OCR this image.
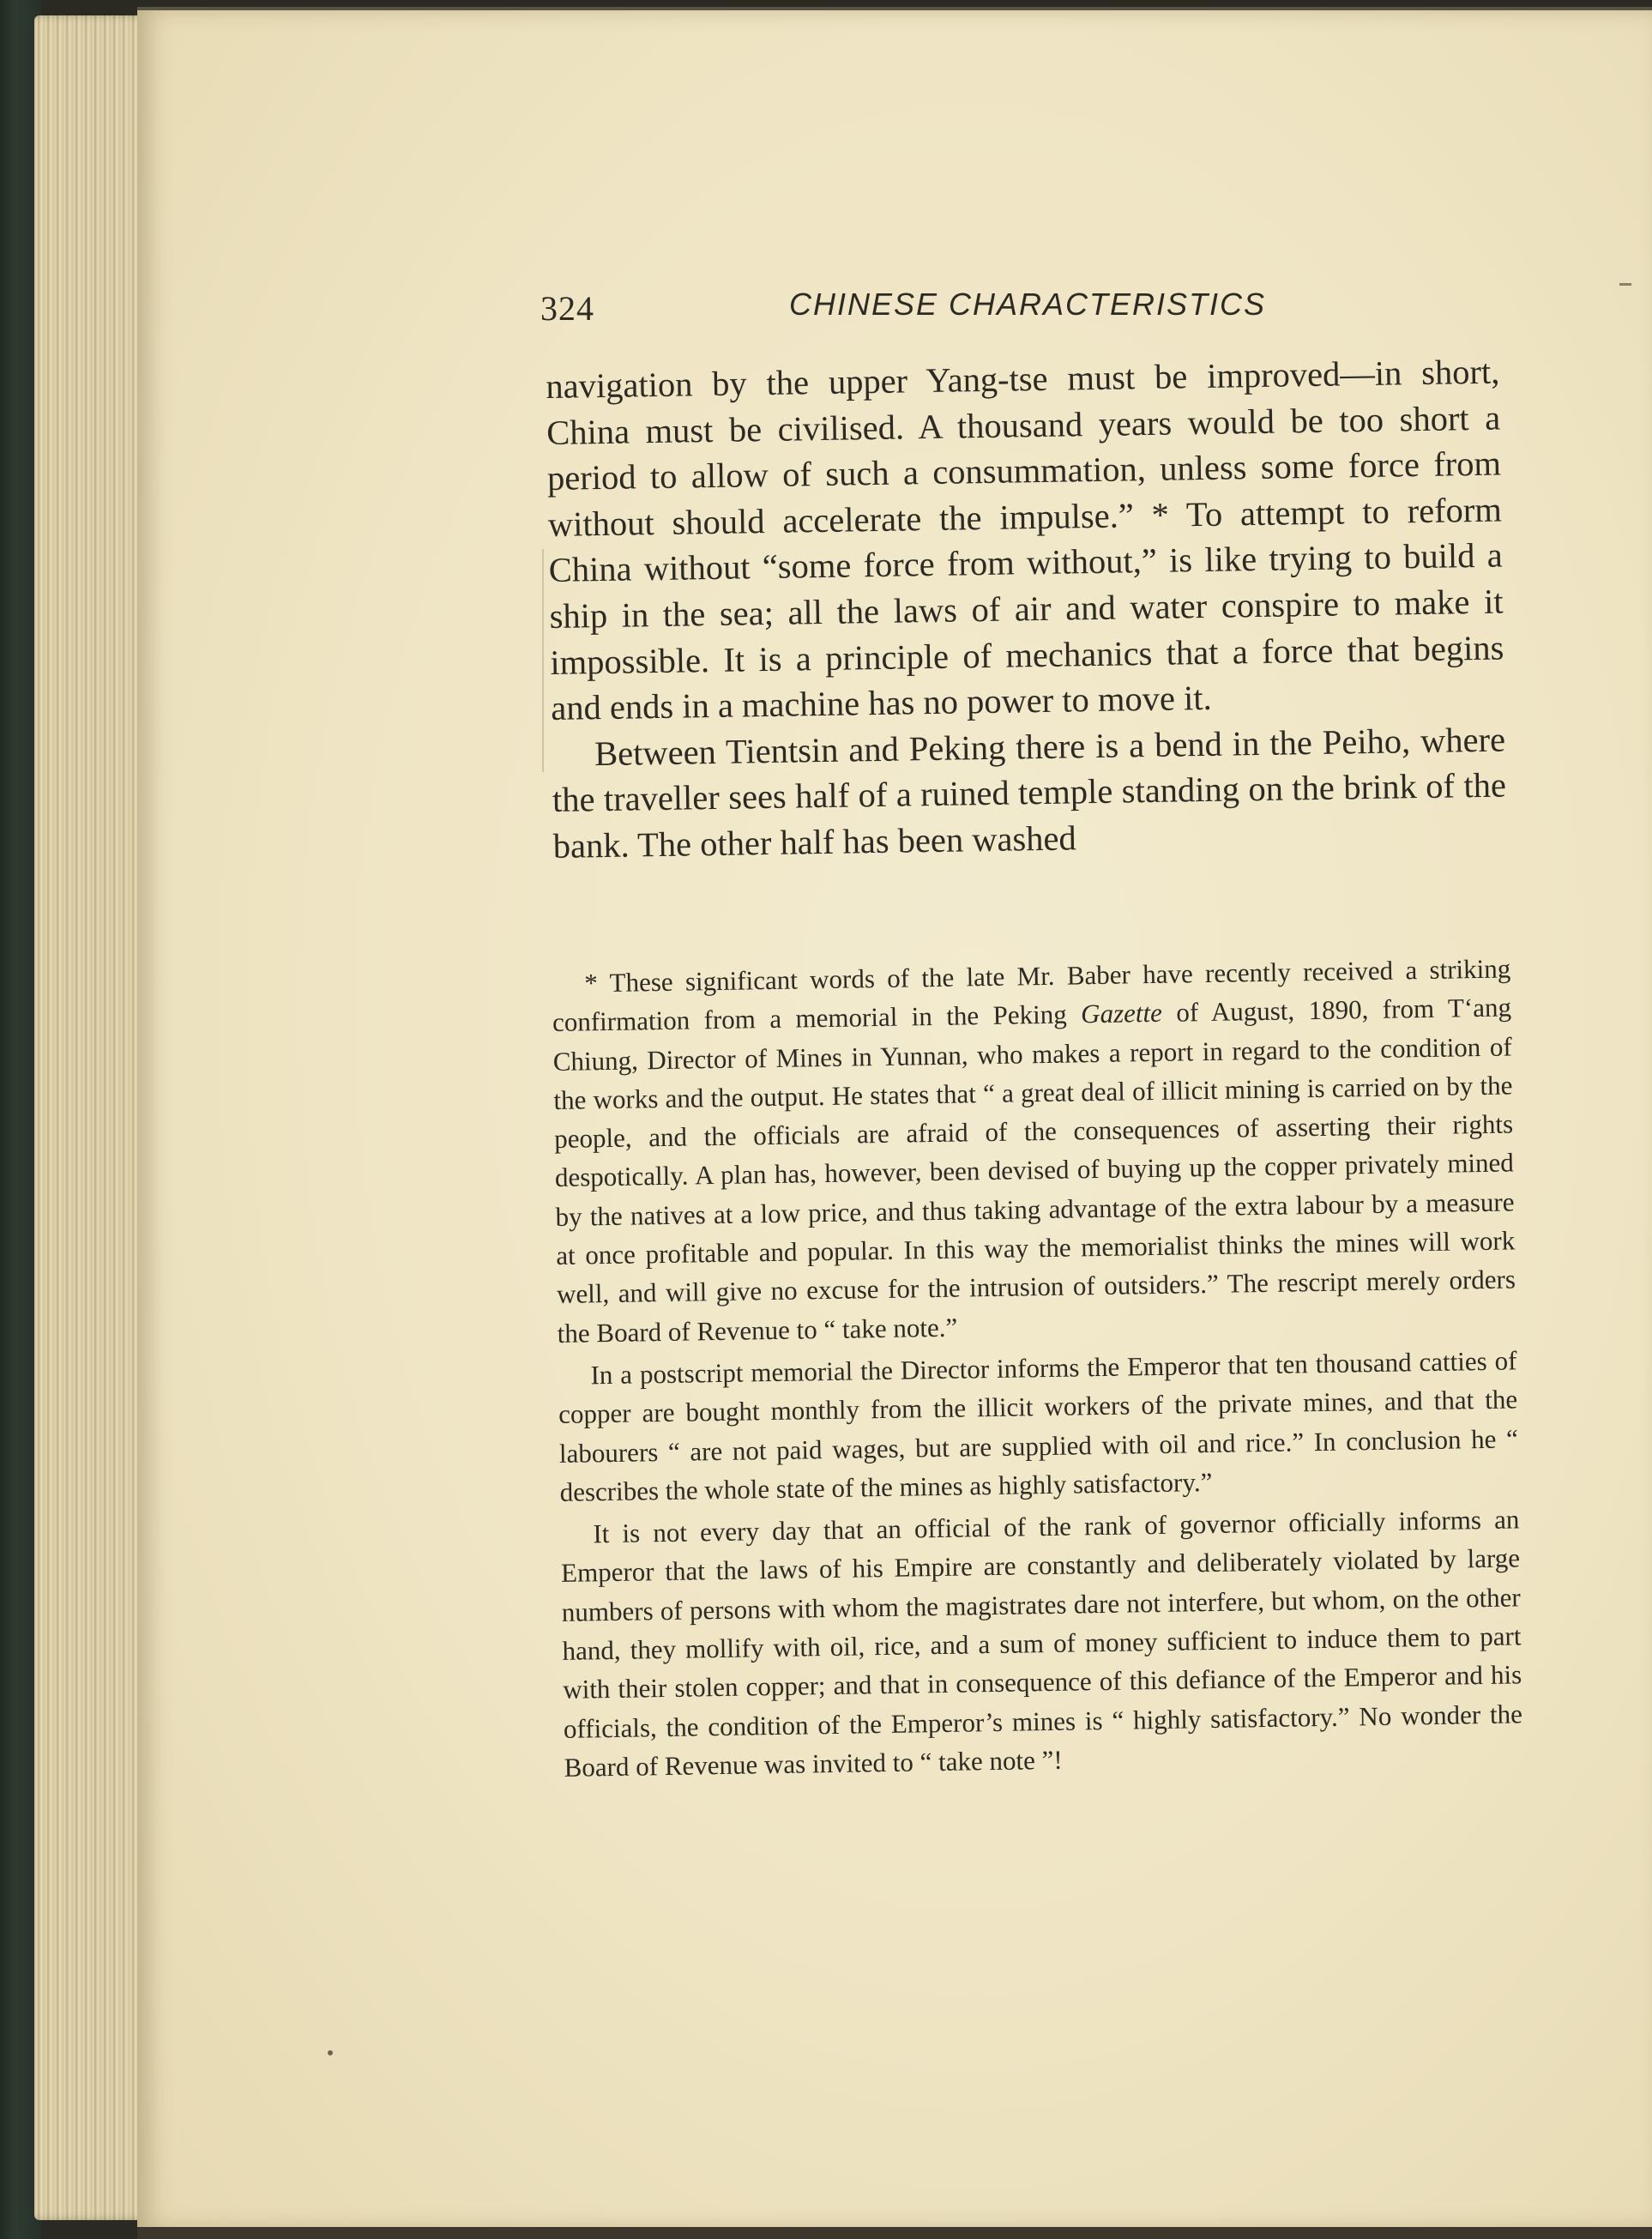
324	CHINESE CHARACTERISTICS

navigation by the upper Yang-tse must be improved—in short, China must be civilised. A thousand years would be too short a period to allow of such a consummation, unless some force from without should accelerate the impulse.” * To attempt to reform China without “some force from without,” is like trying to build a ship in the sea; all the laws of air and water conspire to make it impossible. It is a principle of mechanics that a force that begins and ends in a machine has no power to move it.

Between Tientsin and Peking there is a bend in the Peiho, where the traveller sees half of a ruined temple standing on the brink of the bank. The other half has been washed

* These significant words of the late Mr. Baber have recently received a striking confirmation from a memorial in the Peking Gazette of August, 1890, from T‘ang Chiung, Director of Mines in Yunnan, who makes a report in regard to the condition of the works and the output. He states that “ a great deal of illicit mining is carried on by the people, and the officials are afraid of the consequences of asserting their rights despotically. A plan has, however, been devised of buying up the copper privately mined by the natives at a low price, and thus taking advantage of the extra labour by a measure at once profitable and popular. In this way the memorialist thinks the mines will work well, and will give no excuse for the intrusion of outsiders.” The rescript merely orders the Board of Revenue to “ take note.”

In a postscript memorial the Director informs the Emperor that ten thousand catties of copper are bought monthly from the illicit workers of the private mines, and that the labourers “ are not paid wages, but are supplied with oil and rice.” In conclusion he “ describes the whole state of the mines as highly satisfactory.”

It is not every day that an official of the rank of governor officially informs an Emperor that the laws of his Empire are constantly and deliberately violated by large numbers of persons with whom the magistrates dare not interfere, but whom, on the other hand, they mollify with oil, rice, and a sum of money sufficient to induce them to part with their stolen copper; and that in consequence of this defiance of the Emperor and his officials, the condition of the Emperor’s mines is “ highly satisfactory.” No wonder the Board of Revenue was invited to “ take note ”!
